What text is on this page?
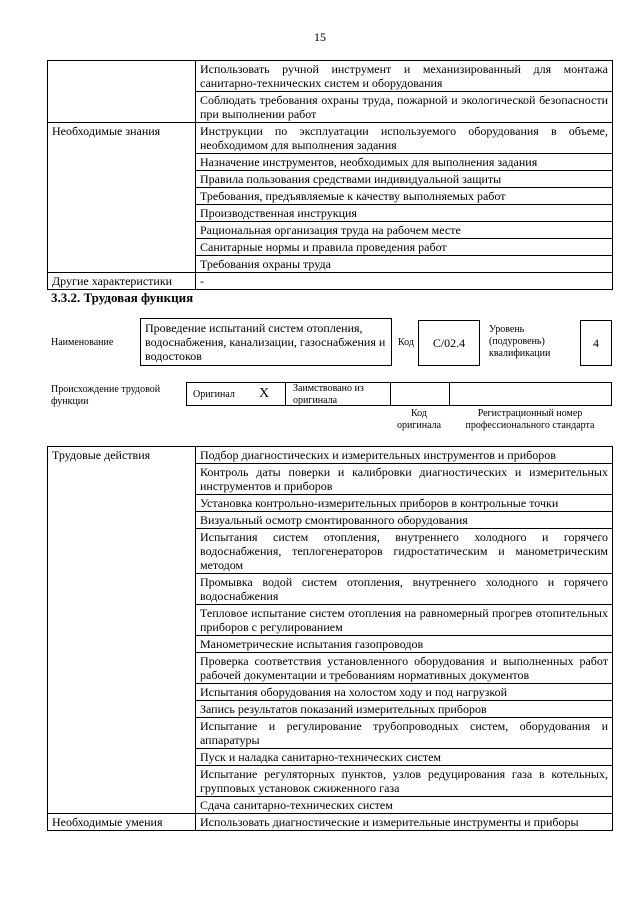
15
	Использовать ручной инструмент и механизированный для монтажа санитарно-технических систем и оборудования
	Соблюдать требования охраны труда, пожарной и экологической безопасности при выполнении работ
Необходимые знания	Инструкции по эксплуатации используемого оборудования в объеме, необходимом для выполнения задания
	Назначение инструментов, необходимых для выполнения задания
	Правила пользования средствами индивидуальной защиты
	Требования, предъявляемые к качеству выполняемых работ
	Производственная инструкция
	Рациональная организация труда на рабочем месте
	Санитарные нормы и правила проведения работ
	Требования охраны труда
Другие характеристики	-
3.3.2. Трудовая функция
Наименование
Проведение испытаний систем отопления, водоснабжения, канализации, газоснабжения и водостоков
Код C/02.4
Уровень (подуровень) квалификации
4
Происхождение трудовой функции
Оригинал X Заимствовано из оригинала
Код оригинала
Регистрационный номер профессионального стандарта
Трудовые действия	Подбор диагностических и измерительных инструментов и приборов
	Контроль даты поверки и калибровки диагностических и измерительных инструментов и приборов
	Установка контрольно-измерительных приборов в контрольные точки
	Визуальный осмотр смонтированного оборудования
	Испытания систем отопления, внутреннего холодного и горячего водоснабжения, теплогенераторов гидростатическим и манометрическим методом
	Промывка водой систем отопления, внутреннего холодного и горячего водоснабжения
	Тепловое испытание систем отопления на равномерный прогрев отопительных приборов с регулированием
	Манометрические испытания газопроводов
	Проверка соответствия установленного оборудования и выполненных работ рабочей документации и требованиям нормативных документов
	Испытания оборудования на холостом ходу и под нагрузкой
	Запись результатов показаний измерительных приборов
	Испытание и регулирование трубопроводных систем, оборудования и аппаратуры
	Пуск и наладка санитарно-технических систем
	Испытание регуляторных пунктов, узлов редуцирования газа в котельных, групповых установок сжиженного газа
	Сдача санитарно-технических систем
Необходимые умения	Использовать диагностические и измерительные инструменты и приборы
